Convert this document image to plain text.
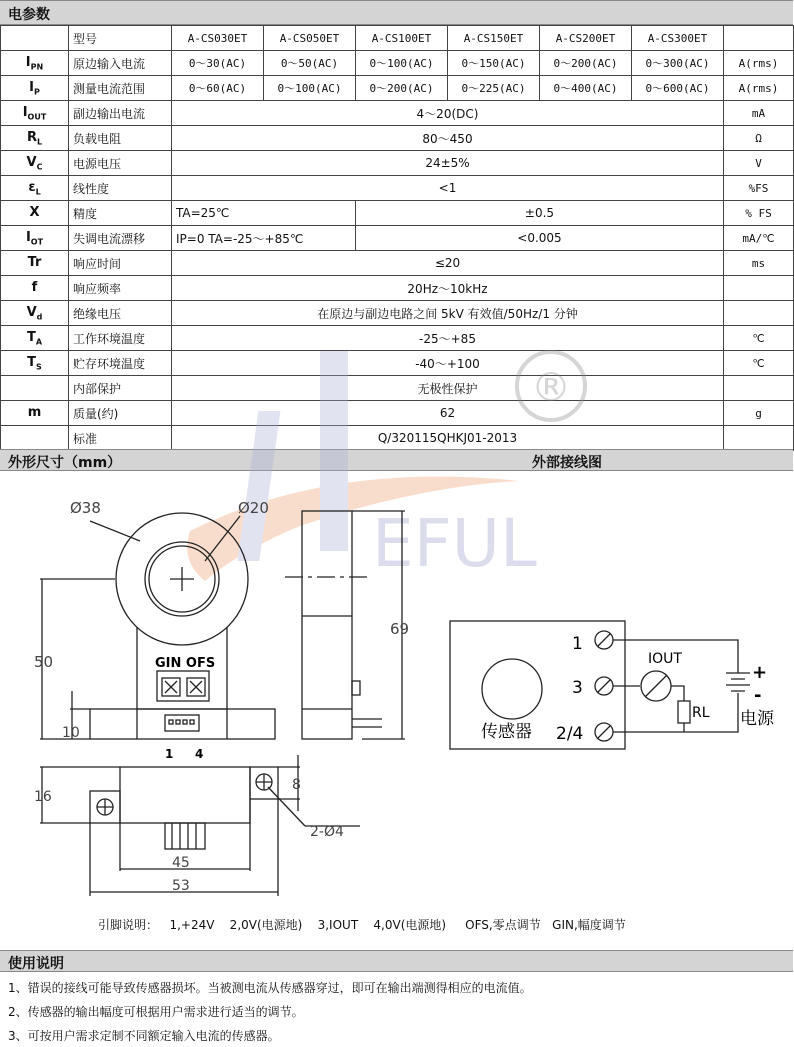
电参数
	型号	A-CS030ET	A-CS050ET	A-CS100ET	A-CS150ET	A-CS200ET	A-CS300ET	
$I_{PN}$	原边输入电流	0～30(AC)	0～50(AC)	0～100(AC)	0～150(AC)	0～200(AC)	0～300(AC)	A(rms)
$I_P$	测量电流范围	0～60(AC)	0～100(AC)	0～200(AC)	0～225(AC)	0～400(AC)	0～600(AC)	A(rms)
$I_{OUT}$	副边输出电流	4～20(DC)						mA
$R_L$	负载电阻	80～450						Ω
$V_C$	电源电压	24±5%						V
$\varepsilon_L$	线性度	<1						%FS
X	精度	TA=25℃		±0.5				% FS
$I_{OT}$	失调电流漂移	IP=0 TA=-25～+85℃		<0.005				mA/℃
Tr	响应时间	≤20						ms
f	响应频率	20Hz～10kHz						
$V_d$	绝缘电压	在原边与副边电路之间 5kV 有效值/50Hz/1 分钟						
$T_A$	工作环境温度	-25～+85						℃
$T_S$	贮存环境温度	-40～+100						℃
	内部保护	无极性保护						
m	质量(约)	62						g
	标准	Q/320115QHKJ01-2013						
外形尺寸（mm）	外部接线图
EFUL
®
GIN OFS
1 4
Ø38	Ø20
50
10
69
16
8
2-Ø4
45
53
1
3
2/4
传感器
IOUT
RL
+
-
电源
引脚说明：   1,+24V    2,0V(电源地)    3,IOUT    4,0V(电源地)     OFS,零点调节   GIN,幅度调节
使用说明
1、错误的接线可能导致传感器损坏。当被测电流从传感器穿过，即可在输出端测得相应的电流值。
2、传感器的输出幅度可根据用户需求进行适当的调节。
3、可按用户需求定制不同额定输入电流的传感器。
